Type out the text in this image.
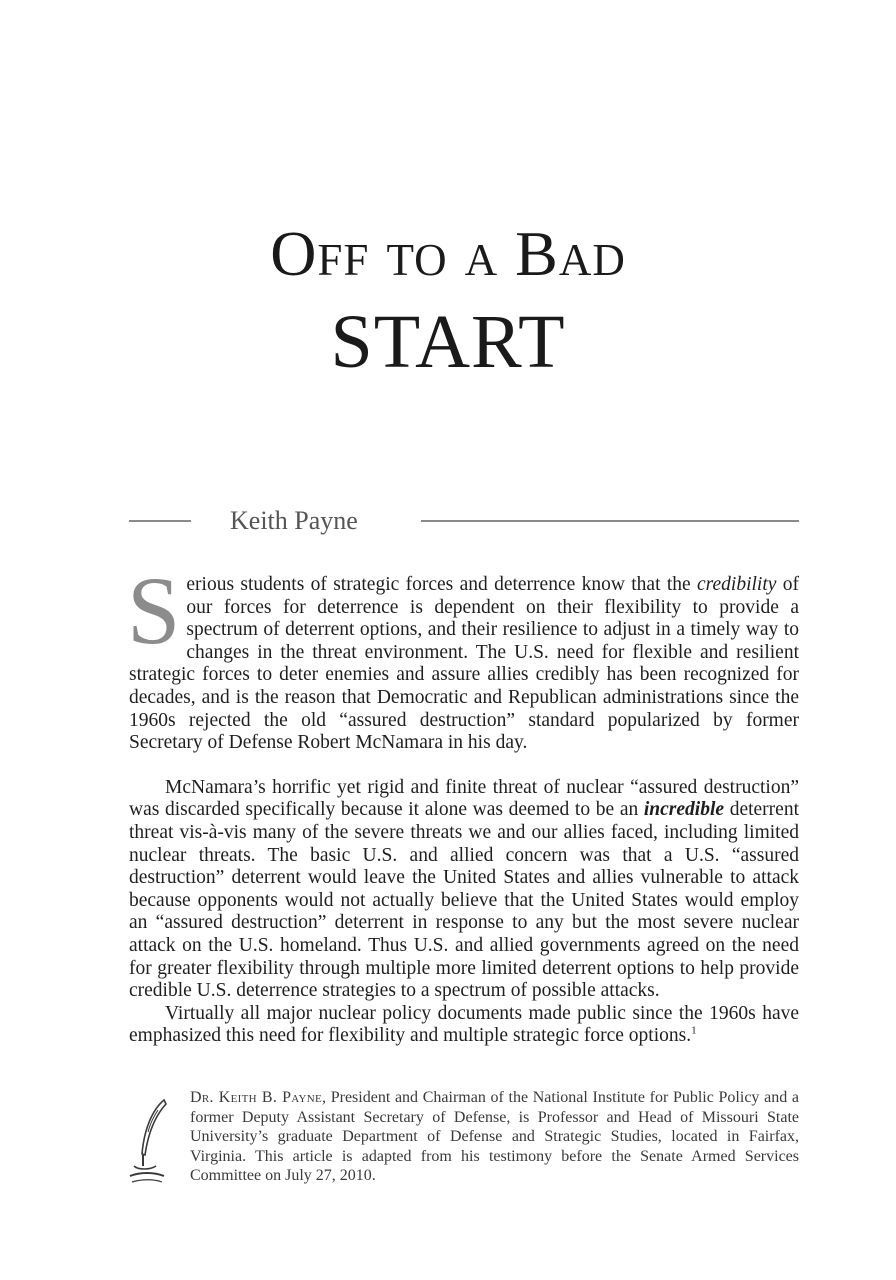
Off to a Bad
START
Keith Payne

Serious students of strategic forces and deterrence know that the credibility of our forces for deterrence is dependent on their flexibility to provide a spectrum of deterrent options, and their resilience to adjust in a timely way to changes in the threat environment. The U.S. need for flexible and resilient strategic forces to deter enemies and assure allies credibly has been recognized for decades, and is the reason that Democratic and Republican administrations since the 1960s rejected the old “assured destruction” standard popularized by former Secretary of Defense Robert McNamara in his day.

McNamara’s horrific yet rigid and finite threat of nuclear “assured destruction” was discarded specifically because it alone was deemed to be an incredible deterrent threat vis-à-vis many of the severe threats we and our allies faced, including limited nuclear threats. The basic U.S. and allied concern was that a U.S. “assured destruction” deterrent would leave the United States and allies vulnerable to attack because opponents would not actually believe that the United States would employ an “assured destruction” deterrent in response to any but the most severe nuclear attack on the U.S. homeland. Thus U.S. and allied governments agreed on the need for greater flexibility through multiple more limited deterrent options to help provide credible U.S. deterrence strategies to a spectrum of possible attacks.

Virtually all major nuclear policy documents made public since the 1960s have emphasized this need for flexibility and multiple strategic force options.$^1$

Dr. Keith B. Payne, President and Chairman of the National Institute for Public Policy and a former Deputy Assistant Secretary of Defense, is Professor and Head of Missouri State University’s graduate Department of Defense and Strategic Studies, located in Fairfax, Virginia. This article is adapted from his testimony before the Senate Armed Services Committee on July 27, 2010.
